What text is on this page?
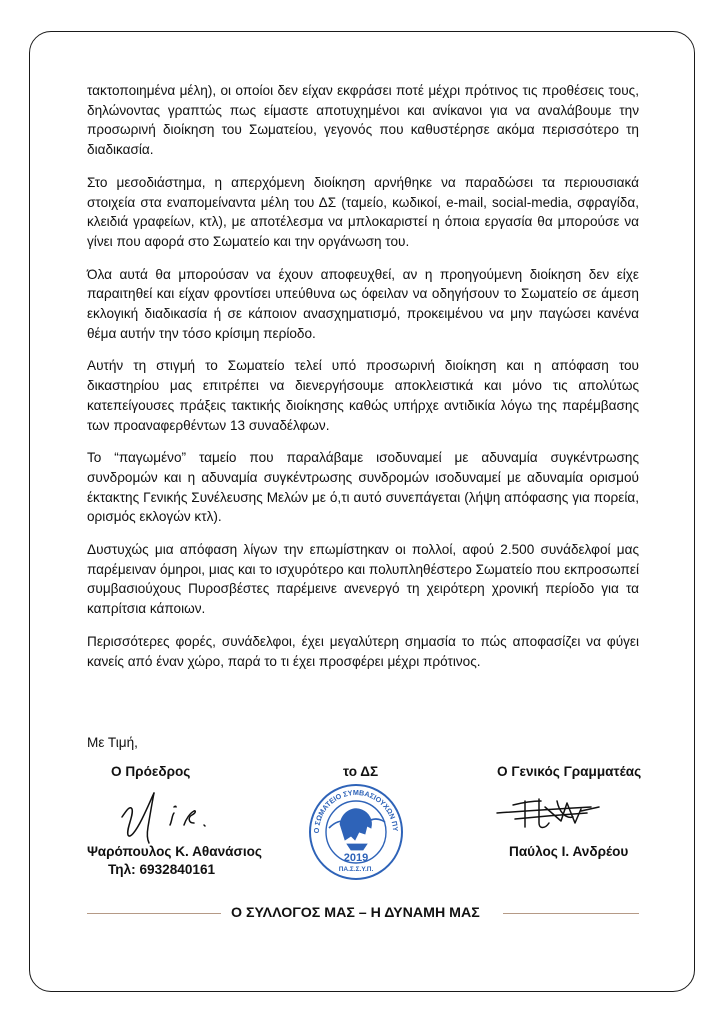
τακτοποιημένα μέλη), οι οποίοι δεν είχαν εκφράσει ποτέ μέχρι πρότινος τις προθέσεις τους, δηλώνοντας γραπτώς πως είμαστε αποτυχημένοι και ανίκανοι για να αναλάβουμε την προσωρινή διοίκηση του Σωματείου, γεγονός που καθυστέρησε ακόμα περισσότερο τη διαδικασία.

Στο μεσοδιάστημα, η απερχόμενη διοίκηση αρνήθηκε να παραδώσει τα περιουσιακά στοιχεία στα εναπομείναντα μέλη του ΔΣ (ταμείο, κωδικοί, e-mail, social-media, σφραγίδα, κλειδιά γραφείων, κτλ), με αποτέλεσμα να μπλοκαριστεί η όποια εργασία θα μπορούσε να γίνει που αφορά στο Σωματείο και την οργάνωση του.

Όλα αυτά θα μπορούσαν να έχουν αποφευχθεί, αν η προηγούμενη διοίκηση δεν είχε παραιτηθεί και είχαν φροντίσει υπεύθυνα ως όφειλαν να οδηγήσουν το Σωματείο σε άμεση εκλογική διαδικασία ή σε κάποιον ανασχηματισμό, προκειμένου να μην παγώσει κανένα θέμα αυτήν την τόσο κρίσιμη περίοδο.

Αυτήν τη στιγμή το Σωματείο τελεί υπό προσωρινή διοίκηση και η απόφαση του δικαστηρίου μας επιτρέπει να διενεργήσουμε αποκλειστικά και μόνο τις απολύτως κατεπείγουσες πράξεις τακτικής διοίκησης καθώς υπήρχε αντιδικία λόγω της παρέμβασης των προαναφερθέντων 13 συναδέλφων.

Το “παγωμένο” ταμείο που παραλάβαμε ισοδυναμεί με αδυναμία συγκέντρωσης συνδρομών και η αδυναμία συγκέντρωσης συνδρομών ισοδυναμεί με αδυναμία ορισμού έκτακτης Γενικής Συνέλευσης Μελών με ό,τι αυτό συνεπάγεται (λήψη απόφασης για πορεία, ορισμός εκλογών κτλ).

Δυστυχώς μια απόφαση λίγων την επωμίστηκαν οι πολλοί, αφού 2.500 συνάδελφοί μας παρέμειναν όμηροι, μιας και το ισχυρότερο και πολυπληθέστερο Σωματείο που εκπροσωπεί συμβασιούχους Πυροσβέστες παρέμεινε ανενεργό τη χειρότερη χρονική περίοδο για τα καπρίτσια κάποιων.

Περισσότερες φορές, συνάδελφοι, έχει μεγαλύτερη σημασία το πώς αποφασίζει να φύγει κανείς από έναν χώρο, παρά το τι έχει προσφέρει μέχρι πρότινος.

Με Τιμή,
Ο Πρόεδρος
Ψαρόπουλος Κ. Αθανάσιος
Τηλ: 6932840161
το ΔΣ
Ο ΣΩΜΑΤΕΙΟ ΣΥΜΒΑΣΙΟΥΧΩΝ ΠΥ
2019
ΠΑ.Σ.Σ.Υ.Π.
Ο Γενικός Γραμματέας
Παύλος Ι. Ανδρέου
Ο ΣΥΛΛΟΓΟΣ ΜΑΣ – Η ΔΥΝΑΜΗ ΜΑΣ
